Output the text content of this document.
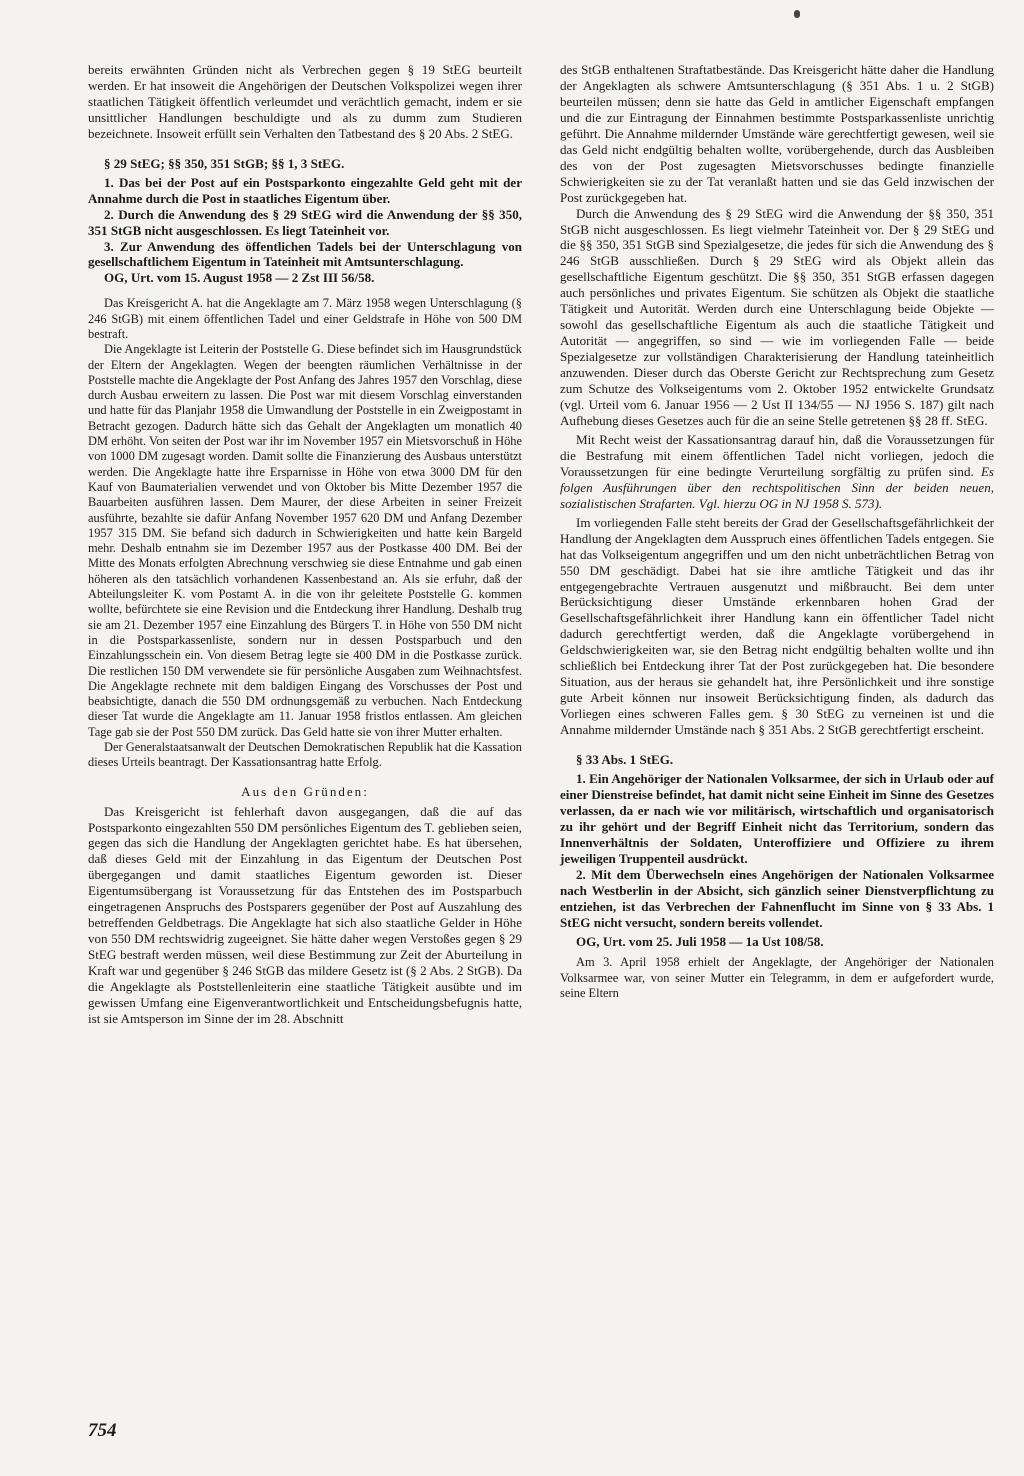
bereits erwähnten Gründen nicht als Verbrechen gegen § 19 StEG beurteilt werden. Er hat insoweit die Angehörigen der Deutschen Volkspolizei wegen ihrer staatlichen Tätigkeit öffentlich verleumdet und verächtlich gemacht, indem er sie unsittlicher Handlungen beschuldigte und als zu dumm zum Studieren bezeichnete. Insoweit erfüllt sein Verhalten den Tatbestand des § 20 Abs. 2 StEG.

§ 29 StEG; §§ 350, 351 StGB; §§ 1, 3 StEG.

1. Das bei der Post auf ein Postsparkonto eingezahlte Geld geht mit der Annahme durch die Post in staatliches Eigentum über.

2. Durch die Anwendung des § 29 StEG wird die Anwendung der §§ 350, 351 StGB nicht ausgeschlossen. Es liegt Tateinheit vor.

3. Zur Anwendung des öffentlichen Tadels bei der Unterschlagung von gesellschaftlichem Eigentum in Tateinheit mit Amtsunterschlagung.

OG, Urt. vom 15. August 1958 — 2 Zst III 56/58.

Das Kreisgericht A. hat die Angeklagte am 7. März 1958 wegen Unterschlagung (§ 246 StGB) mit einem öffentlichen Tadel und einer Geldstrafe in Höhe von 500 DM bestraft.

Die Angeklagte ist Leiterin der Poststelle G. Diese befindet sich im Hausgrundstück der Eltern der Angeklagten. Wegen der beengten räumlichen Verhältnisse in der Poststelle machte die Angeklagte der Post Anfang des Jahres 1957 den Vorschlag, diese durch Ausbau erweitern zu lassen. Die Post war mit diesem Vorschlag einverstanden und hatte für das Planjahr 1958 die Umwandlung der Poststelle in ein Zweigpostamt in Betracht gezogen. Dadurch hätte sich das Gehalt der Angeklagten um monatlich 40 DM erhöht. Von seiten der Post war ihr im November 1957 ein Mietsvorschuß in Höhe von 1000 DM zugesagt worden. Damit sollte die Finanzierung des Ausbaus unterstützt werden. Die Angeklagte hatte ihre Ersparnisse in Höhe von etwa 3000 DM für den Kauf von Baumaterialien verwendet und von Oktober bis Mitte Dezember 1957 die Bauarbeiten ausführen lassen. Dem Maurer, der diese Arbeiten in seiner Freizeit ausführte, bezahlte sie dafür Anfang November 1957 620 DM und Anfang Dezember 1957 315 DM. Sie befand sich dadurch in Schwierigkeiten und hatte kein Bargeld mehr. Deshalb entnahm sie im Dezember 1957 aus der Postkasse 400 DM. Bei der Mitte des Monats erfolgten Abrechnung verschwieg sie diese Entnahme und gab einen höheren als den tatsächlich vorhandenen Kassenbestand an. Als sie erfuhr, daß der Abteilungsleiter K. vom Postamt A. in die von ihr geleitete Poststelle G. kommen wollte, befürchtete sie eine Revision und die Entdeckung ihrer Handlung. Deshalb trug sie am 21. Dezember 1957 eine Einzahlung des Bürgers T. in Höhe von 550 DM nicht in die Postsparkassenliste, sondern nur in dessen Postsparbuch und den Einzahlungsschein ein. Von diesem Betrag legte sie 400 DM in die Postkasse zurück. Die restlichen 150 DM verwendete sie für persönliche Ausgaben zum Weihnachtsfest. Die Angeklagte rechnete mit dem baldigen Eingang des Vorschusses der Post und beabsichtigte, danach die 550 DM ordnungsgemäß zu verbuchen. Nach Entdeckung dieser Tat wurde die Angeklagte am 11. Januar 1958 fristlos entlassen. Am gleichen Tage gab sie der Post 550 DM zurück. Das Geld hatte sie von ihrer Mutter erhalten.

Der Generalstaatsanwalt der Deutschen Demokratischen Republik hat die Kassation dieses Urteils beantragt. Der Kassationsantrag hatte Erfolg.

Aus den Gründen:

Das Kreisgericht ist fehlerhaft davon ausgegangen, daß die auf das Postsparkonto eingezahlten 550 DM persönliches Eigentum des T. geblieben seien, gegen das sich die Handlung der Angeklagten gerichtet habe. Es hat übersehen, daß dieses Geld mit der Einzahlung in das Eigentum der Deutschen Post übergegangen und damit staatliches Eigentum geworden ist. Dieser Eigentumsübergang ist Voraussetzung für das Entstehen des im Postsparbuch eingetragenen Anspruchs des Postsparers gegenüber der Post auf Auszahlung des betreffenden Geldbetrags. Die Angeklagte hat sich also staatliche Gelder in Höhe von 550 DM rechtswidrig zugeeignet. Sie hätte daher wegen Verstoßes gegen § 29 StEG bestraft werden müssen, weil diese Bestimmung zur Zeit der Aburteilung in Kraft war und gegenüber § 246 StGB das mildere Gesetz ist (§ 2 Abs. 2 StGB). Da die Angeklagte als Poststellenleiterin eine staatliche Tätigkeit ausübte und im gewissen Umfang eine Eigenverantwortlichkeit und Entscheidungsbefugnis hatte, ist sie Amtsperson im Sinne der im 28. Abschnitt

des StGB enthaltenen Straftatbestände. Das Kreisgericht hätte daher die Handlung der Angeklagten als schwere Amtsunterschlagung (§ 351 Abs. 1 u. 2 StGB) beurteilen müssen; denn sie hatte das Geld in amtlicher Eigenschaft empfangen und die zur Eintragung der Einnahmen bestimmte Postsparkassenliste unrichtig geführt. Die Annahme mildernder Umstände wäre gerechtfertigt gewesen, weil sie das Geld nicht endgültig behalten wollte, vorübergehende, durch das Ausbleiben des von der Post zugesagten Mietsvorschusses bedingte finanzielle Schwierigkeiten sie zu der Tat veranlaßt hatten und sie das Geld inzwischen der Post zurückgegeben hat.

Durch die Anwendung des § 29 StEG wird die Anwendung der §§ 350, 351 StGB nicht ausgeschlossen. Es liegt vielmehr Tateinheit vor. Der § 29 StEG und die §§ 350, 351 StGB sind Spezialgesetze, die jedes für sich die Anwendung des § 246 StGB ausschließen. Durch § 29 StEG wird als Objekt allein das gesellschaftliche Eigentum geschützt. Die §§ 350, 351 StGB erfassen dagegen auch persönliches und privates Eigentum. Sie schützen als Objekt die staatliche Tätigkeit und Autorität. Werden durch eine Unterschlagung beide Objekte — sowohl das gesellschaftliche Eigentum als auch die staatliche Tätigkeit und Autorität — angegriffen, so sind — wie im vorliegenden Falle — beide Spezialgesetze zur vollständigen Charakterisierung der Handlung tateinheitlich anzuwenden. Dieser durch das Oberste Gericht zur Rechtsprechung zum Gesetz zum Schutze des Volkseigentums vom 2. Oktober 1952 entwickelte Grundsatz (vgl. Urteil vom 6. Januar 1956 — 2 Ust II 134/55 — NJ 1956 S. 187) gilt nach Aufhebung dieses Gesetzes auch für die an seine Stelle getretenen §§ 28 ff. StEG.

Mit Recht weist der Kassationsantrag darauf hin, daß die Voraussetzungen für die Bestrafung mit einem öffentlichen Tadel nicht vorliegen, jedoch die Voraussetzungen für eine bedingte Verurteilung sorgfältig zu prüfen sind. Es folgen Ausführungen über den rechtspolitischen Sinn der beiden neuen, sozialistischen Strafarten. Vgl. hierzu OG in NJ 1958 S. 573).

Im vorliegenden Falle steht bereits der Grad der Gesellschaftsgefährlichkeit der Handlung der Angeklagten dem Ausspruch eines öffentlichen Tadels entgegen. Sie hat das Volkseigentum angegriffen und um den nicht unbeträchtlichen Betrag von 550 DM geschädigt. Dabei hat sie ihre amtliche Tätigkeit und das ihr entgegengebrachte Vertrauen ausgenutzt und mißbraucht. Bei dem unter Berücksichtigung dieser Umstände erkennbaren hohen Grad der Gesellschaftsgefährlichkeit ihrer Handlung kann ein öffentlicher Tadel nicht dadurch gerechtfertigt werden, daß die Angeklagte vorübergehend in Geldschwierigkeiten war, sie den Betrag nicht endgültig behalten wollte und ihn schließlich bei Entdeckung ihrer Tat der Post zurückgegeben hat. Die besondere Situation, aus der heraus sie gehandelt hat, ihre Persönlichkeit und ihre sonstige gute Arbeit können nur insoweit Berücksichtigung finden, als dadurch das Vorliegen eines schweren Falles gem. § 30 StEG zu verneinen ist und die Annahme mildernder Umstände nach § 351 Abs. 2 StGB gerechtfertigt erscheint.

§ 33 Abs. 1 StEG.

1. Ein Angehöriger der Nationalen Volksarmee, der sich in Urlaub oder auf einer Dienstreise befindet, hat damit nicht seine Einheit im Sinne des Gesetzes verlassen, da er nach wie vor militärisch, wirtschaftlich und organisatorisch zu ihr gehört und der Begriff Einheit nicht das Territorium, sondern das Innenverhältnis der Soldaten, Unteroffiziere und Offiziere zu ihrem jeweiligen Truppenteil ausdrückt.

2. Mit dem Überwechseln eines Angehörigen der Nationalen Volksarmee nach Westberlin in der Absicht, sich gänzlich seiner Dienstverpflichtung zu entziehen, ist das Verbrechen der Fahnenflucht im Sinne von § 33 Abs. 1 StEG nicht versucht, sondern bereits vollendet.

OG, Urt. vom 25. Juli 1958 — 1a Ust 108/58.

Am 3. April 1958 erhielt der Angeklagte, der Angehöriger der Nationalen Volksarmee war, von seiner Mutter ein Telegramm, in dem er aufgefordert wurde, seine Eltern

754
